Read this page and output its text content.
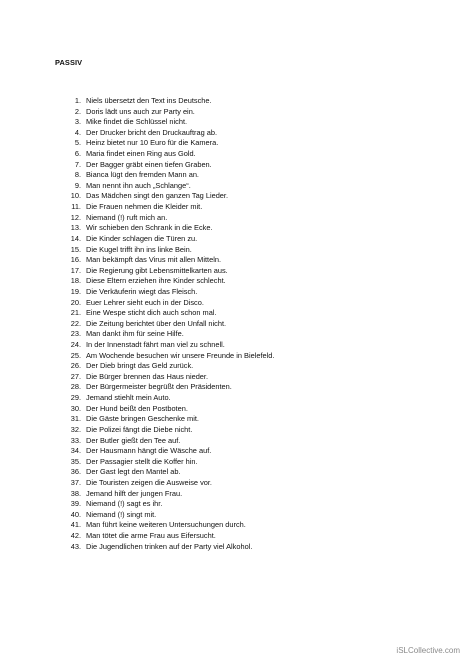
PASSIV
1. Niels übersetzt den Text ins Deutsche.
2. Doris lädt uns auch zur Party ein.
3. Mike findet die Schlüssel nicht.
4. Der Drucker bricht den Druckauftrag ab.
5. Heinz bietet nur 10 Euro für die Kamera.
6. Maria findet einen Ring aus Gold.
7. Der Bagger gräbt einen tiefen Graben.
8. Bianca lügt den fremden Mann an.
9. Man nennt ihn auch „Schlange“.
10. Das Mädchen singt den ganzen Tag Lieder.
11. Die Frauen nehmen die Kleider mit.
12. Niemand (!) ruft mich an.
13. Wir schieben den Schrank in die Ecke.
14. Die Kinder schlagen die Türen zu.
15. Die Kugel trifft ihn ins linke Bein.
16. Man bekämpft das Virus mit allen Mitteln.
17. Die Regierung gibt Lebensmittelkarten aus.
18. Diese Eltern erziehen ihre Kinder schlecht.
19. Die Verkäuferin wiegt das Fleisch.
20. Euer Lehrer sieht euch in der Disco.
21. Eine Wespe sticht dich auch schon mal.
22. Die Zeitung berichtet über den Unfall nicht.
23. Man dankt ihm für seine Hilfe.
24. In der Innenstadt fährt man viel zu schnell.
25. Am Wochende besuchen wir unsere Freunde in Bielefeld.
26. Der Dieb bringt das Geld zurück.
27. Die Bürger brennen das Haus nieder.
28. Der Bürgermeister begrüßt den Präsidenten.
29. Jemand stiehlt mein Auto.
30. Der Hund beißt den Postboten.
31. Die Gäste bringen Geschenke mit.
32. Die Polizei fängt die Diebe nicht.
33. Der Butler gießt den Tee auf.
34. Der Hausmann hängt die Wäsche auf.
35. Der Passagier stellt die Koffer hin.
36. Der Gast legt den Mantel ab.
37. Die Touristen zeigen die Ausweise vor.
38. Jemand hilft der jungen Frau.
39. Niemand (!) sagt es ihr.
40. Niemand (!) singt mit.
41. Man führt keine weiteren Untersuchungen durch.
42. Man tötet die arme Frau aus Eifersucht.
43. Die Jugendlichen trinken auf der Party viel Alkohol.

iSLCollective.com
